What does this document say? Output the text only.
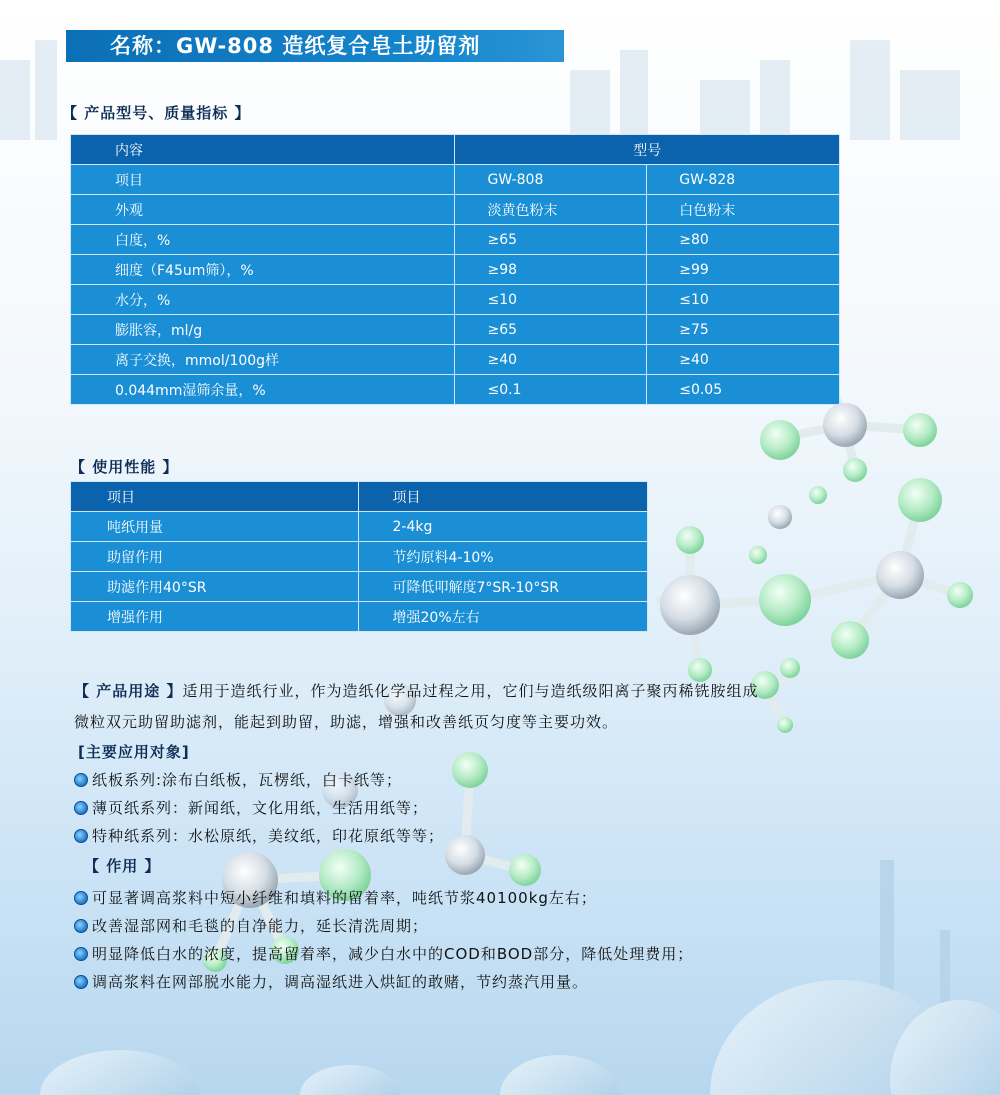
名称：GW-808 造纸复合皂土助留剂
【 产品型号、质量指标 】
内容	型号	
项目	GW-808	GW-828
外观	淡黄色粉末	白色粉末
白度，%	≥65	≥80
细度（F45um筛），%	≥98	≥99
水分，%	≤10	≤10
膨胀容，ml/g	≥65	≥75
离子交换，mmol/100g样	≥40	≥40
0.044mm湿筛余量，%	≤0.1	≤0.05
【 使用性能 】
项目	项目
吨纸用量	2-4kg
助留作用	节约原料4-10%
助滤作用40°SR	可降低叩解度7°SR-10°SR
增强作用	增强20%左右
【 产品用途 】适用于造纸行业，作为造纸化学品过程之用，它们与造纸级阳离子聚丙稀铣胺组成
微粒双元助留助滤剂，能起到助留，助滤，增强和改善纸页匀度等主要功效。
[主要应用对象]
纸板系列:涂布白纸板，瓦楞纸，白卡纸等；
薄页纸系列：新闻纸，文化用纸，生活用纸等；
特种纸系列：水松原纸，美纹纸，印花原纸等等；
【 作用 】
可显著调高浆料中短小纤维和填料的留着率，吨纸节浆40100kg左右；
改善湿部网和毛毯的自净能力，延长清洗周期；
明显降低白水的浓度，提高留着率，减少白水中的COD和BOD部分，降低处理费用；
调高浆料在网部脱水能力，调高湿纸进入烘缸的敢赌，节约蒸汽用量。
